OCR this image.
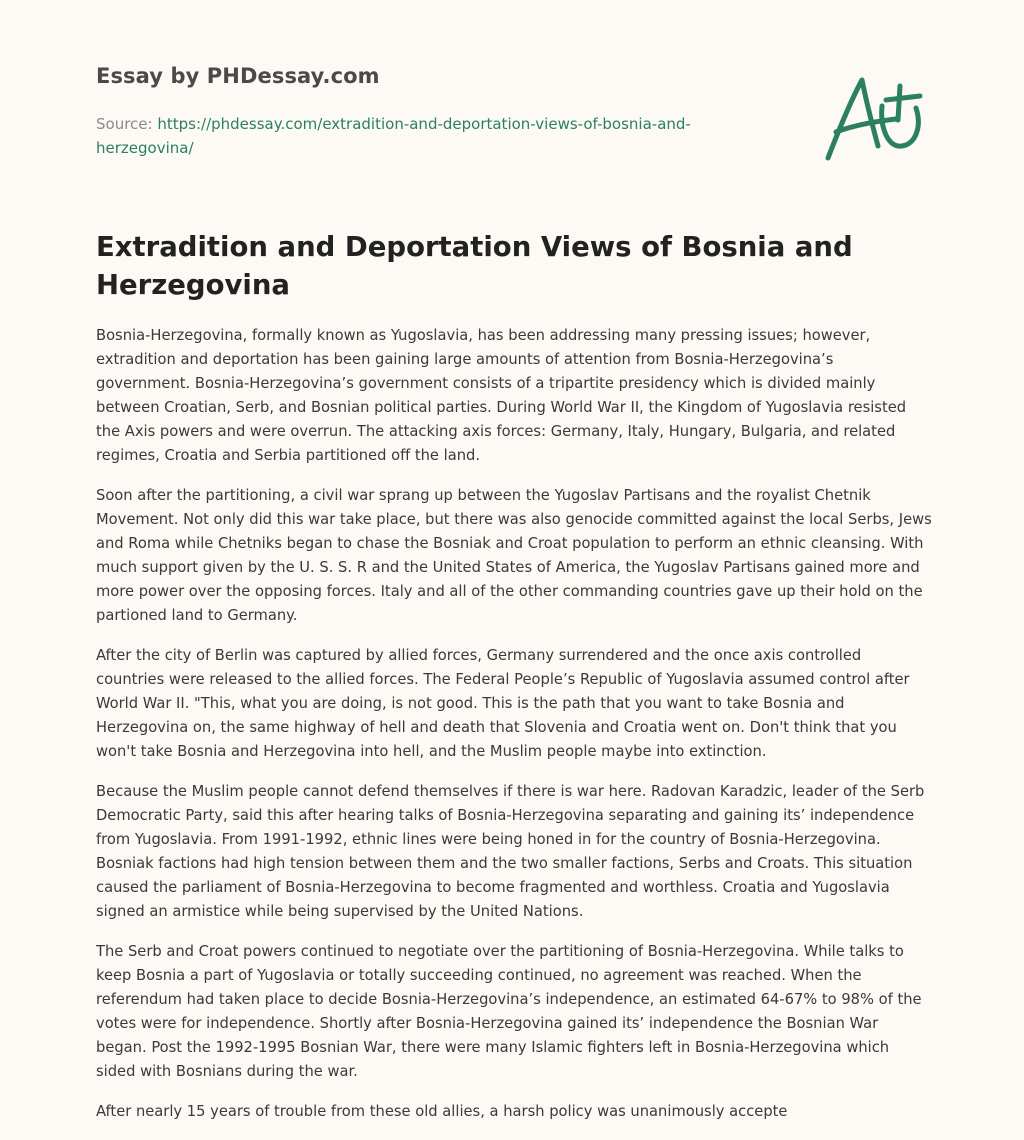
Essay by PHDessay.com
Source: https://phdessay.com/extradition-and-deportation-views-of-bosnia-and-herzegovina/
Extradition and Deportation Views of Bosnia and Herzegovina

Bosnia-Herzegovina, formally known as Yugoslavia, has been addressing many pressing issues; however, extradition and deportation has been gaining large amounts of attention from Bosnia-Herzegovina’s government. Bosnia-Herzegovina’s government consists of a tripartite presidency which is divided mainly between Croatian, Serb, and Bosnian political parties. During World War II, the Kingdom of Yugoslavia resisted the Axis powers and were overrun. The attacking axis forces: Germany, Italy, Hungary, Bulgaria, and related regimes, Croatia and Serbia partitioned off the land.

Soon after the partitioning, a civil war sprang up between the Yugoslav Partisans and the royalist Chetnik Movement. Not only did this war take place, but there was also genocide committed against the local Serbs, Jews and Roma while Chetniks began to chase the Bosniak and Croat population to perform an ethnic cleansing. With much support given by the U. S. S. R and the United States of America, the Yugoslav Partisans gained more and more power over the opposing forces. Italy and all of the other commanding countries gave up their hold on the partioned land to Germany.

After the city of Berlin was captured by allied forces, Germany surrendered and the once axis controlled countries were released to the allied forces. The Federal People’s Republic of Yugoslavia assumed control after World War II. "This, what you are doing, is not good. This is the path that you want to take Bosnia and Herzegovina on, the same highway of hell and death that Slovenia and Croatia went on. Don't think that you won't take Bosnia and Herzegovina into hell, and the Muslim people maybe into extinction.

Because the Muslim people cannot defend themselves if there is war here. Radovan Karadzic, leader of the Serb Democratic Party, said this after hearing talks of Bosnia-Herzegovina separating and gaining its’ independence from Yugoslavia. From 1991-1992, ethnic lines were being honed in for the country of Bosnia-Herzegovina. Bosniak factions had high tension between them and the two smaller factions, Serbs and Croats. This situation caused the parliament of Bosnia-Herzegovina to become fragmented and worthless. Croatia and Yugoslavia signed an armistice while being supervised by the United Nations.

The Serb and Croat powers continued to negotiate over the partitioning of Bosnia-Herzegovina. While talks to keep Bosnia a part of Yugoslavia or totally succeeding continued, no agreement was reached. When the referendum had taken place to decide Bosnia-Herzegovina’s independence, an estimated 64-67% to 98% of the votes were for independence. Shortly after Bosnia-Herzegovina gained its’ independence the Bosnian War began. Post the 1992-1995 Bosnian War, there were many Islamic fighters left in Bosnia-Herzegovina which sided with Bosnians during the war.

After nearly 15 years of trouble from these old allies, a harsh policy was unanimously accepte
